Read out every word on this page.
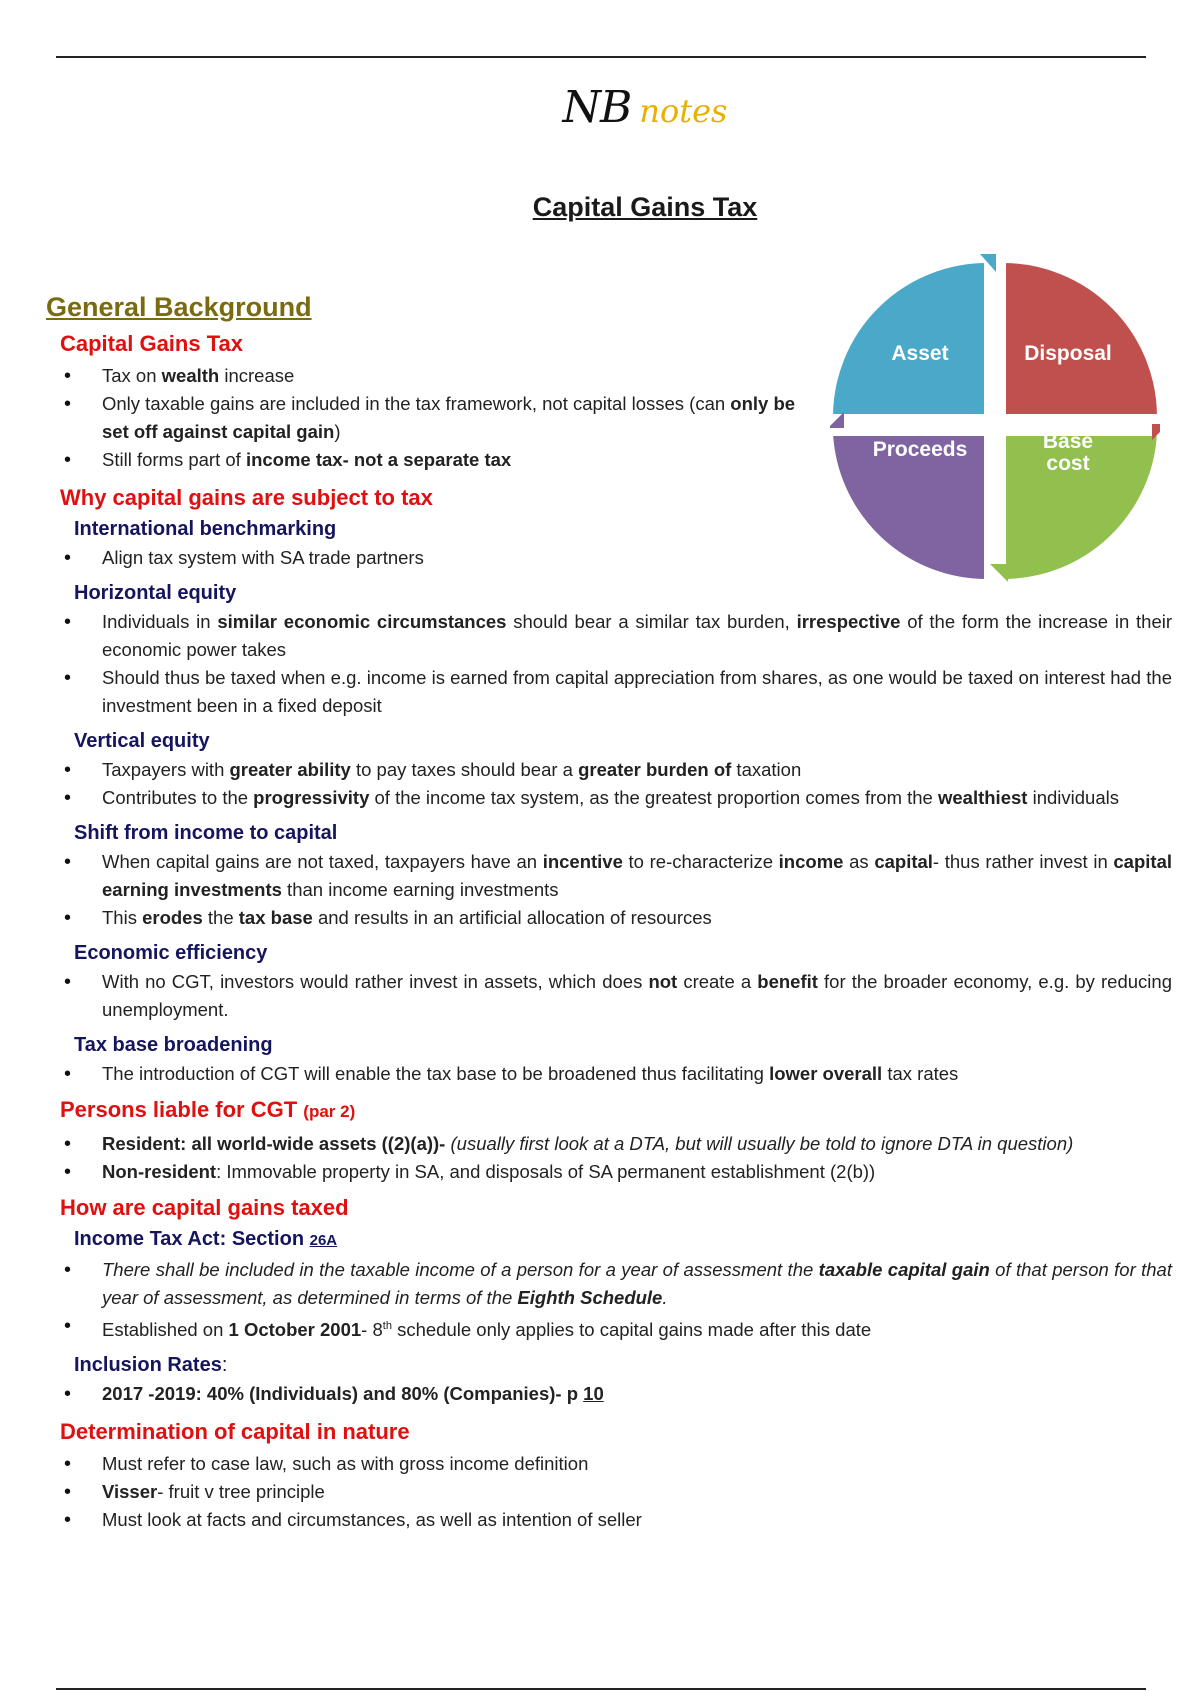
NB notes
Capital Gains Tax
Asset	Disposal
Proceeds	Base
cost
General Background
Capital Gains Tax
• Tax on wealth increase
• Only taxable gains are included in the tax framework, not capital losses (can only be set off against capital gain)
• Still forms part of income tax- not a separate tax
Why capital gains are subject to tax
International benchmarking
• Align tax system with SA trade partners
Horizontal equity
• Individuals in similar economic circumstances should bear a similar tax burden, irrespective of the form the increase in their economic power takes
• Should thus be taxed when e.g. income is earned from capital appreciation from shares, as one would be taxed on interest had the investment been in a fixed deposit
Vertical equity
• Taxpayers with greater ability to pay taxes should bear a greater burden of taxation
• Contributes to the progressivity of the income tax system, as the greatest proportion comes from the wealthiest individuals
Shift from income to capital
• When capital gains are not taxed, taxpayers have an incentive to re-characterize income as capital- thus rather invest in capital earning investments than income earning investments
• This erodes the tax base and results in an artificial allocation of resources
Economic efficiency
• With no CGT, investors would rather invest in assets, which does not create a benefit for the broader economy, e.g. by reducing unemployment.
Tax base broadening
• The introduction of CGT will enable the tax base to be broadened thus facilitating lower overall tax rates
Persons liable for CGT (par 2)
• Resident: all world-wide assets ((2)(a))- (usually first look at a DTA, but will usually be told to ignore DTA in question)
• Non-resident: Immovable property in SA, and disposals of SA permanent establishment (2(b))
How are capital gains taxed
Income Tax Act: Section 26A
• There shall be included in the taxable income of a person for a year of assessment the taxable capital gain of that person for that year of assessment, as determined in terms of the Eighth Schedule.
• Established on 1 October 2001- 8th schedule only applies to capital gains made after this date
Inclusion Rates:
• 2017 -2019: 40% (Individuals) and 80% (Companies)- p 10
Determination of capital in nature
• Must refer to case law, such as with gross income definition
• Visser- fruit v tree principle
• Must look at facts and circumstances, as well as intention of seller
